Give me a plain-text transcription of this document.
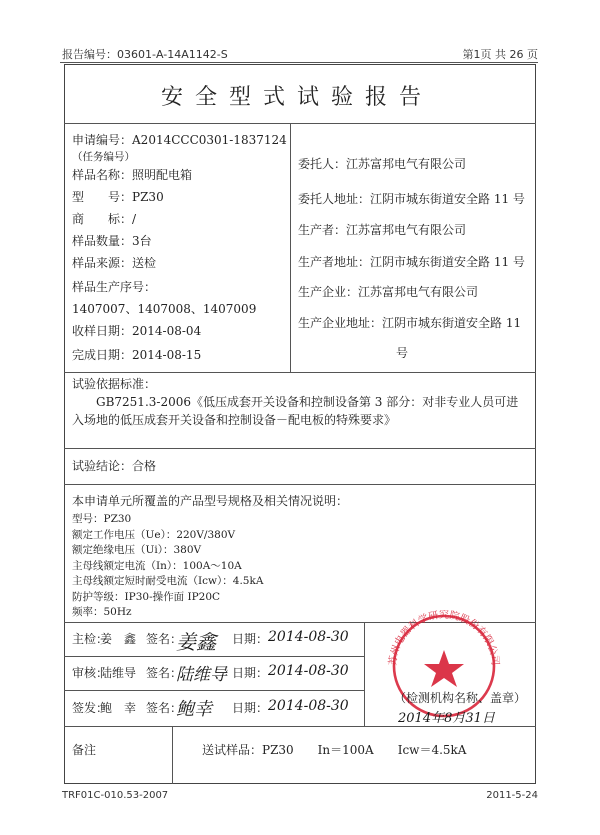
报告编号：03601-A-14A1142-S	第1页 共 26 页
安全型式试验报告
申请编号：A2014CCC0301-1837124
（任务编号）
样品名称：照明配电箱
型　　号：PZ30
商　　标：/
样品数量：3台
样品来源：送检
样品生产序号：
1407007、1407008、1407009
收样日期：2014-08-04
完成日期：2014-08-15
委托人：江苏富邦电气有限公司
委托人地址：江阴市城东街道安全路 11 号
生产者：江苏富邦电气有限公司
生产者地址：江阴市城东街道安全路 11 号
生产企业：江苏富邦电气有限公司
生产企业地址：江阴市城东街道安全路 11
号
试验依据标准：
GB7251.3-2006《低压成套开关设备和控制设备第 3 部分：对非专业人员可进
入场地的低压成套开关设备和控制设备－配电板的特殊要求》
试验结论：合格
本申请单元所覆盖的产品型号规格及相关情况说明：
型号：PZ30
额定工作电压（Ue）：220V/380V
额定绝缘电压（Ui）：380V
主母线额定电流（In）：100A～10A
主母线额定短时耐受电流（Icw）：4.5kA
防护等级：IP30-操作面 IP20C
频率：50Hz
主检：
姜　鑫 签名：
姜鑫 日期： 2014-08-30
审核：
陆维导 签名：
陆维导 日期： 2014-08-30
签发：
鲍　幸 签名：
鲍幸 日期： 2014-08-30
苏州电器科学研究院股份有限公司
（检测机构名称、盖章）
2014年8月31日
备注	送试样品：PZ30　　In＝100A　　Icw＝4.5kA
TRF01C-010.53-2007	2011-5-24
